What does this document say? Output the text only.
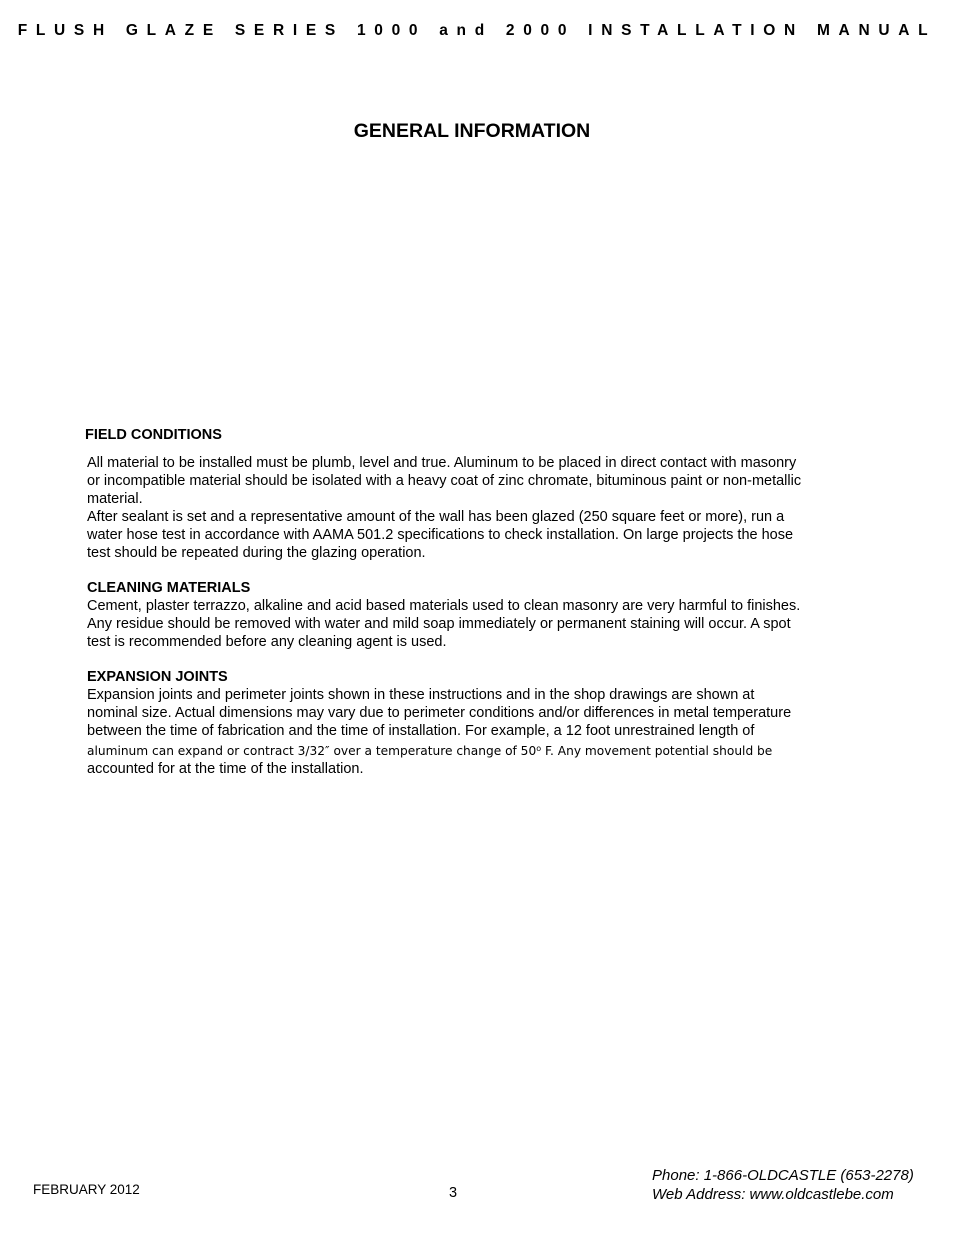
FLUSH GLAZE SERIES 1000 and 2000 INSTALLATION MANUAL
GENERAL INFORMATION
FIELD CONDITIONS

All material to be installed must be plumb, level and true. Aluminum to be placed in direct contact with masonry

or incompatible material should be isolated with a heavy coat of zinc chromate, bituminous paint or non-metallic

material.

After sealant is set and a representative amount of the wall has been glazed (250 square feet or more), run a

water hose test in accordance with AAMA 501.2 specifications to check installation. On large projects the hose

test should be repeated during the glazing operation.

CLEANING MATERIALS

Cement, plaster terrazzo, alkaline and acid based materials used to clean masonry are very harmful to finishes.

Any residue should be removed with water and mild soap immediately or permanent staining will occur. A spot

test is recommended before any cleaning agent is used.

EXPANSION JOINTS

Expansion joints and perimeter joints shown in these instructions and in the shop drawings are shown at

nominal size. Actual dimensions may vary due to perimeter conditions and/or differences in metal temperature

between the time of fabrication and the time of installation. For example, a 12 foot unrestrained length of

aluminum can expand or contract 3/32″ over a temperature change of 50$^o$ F. Any movement potential should be

accounted for at the time of the installation.

FEBRUARY 2012	3
Phone: 1-866-OLDCASTLE (653-2278)
Web Address: www.oldcastlebe.com
